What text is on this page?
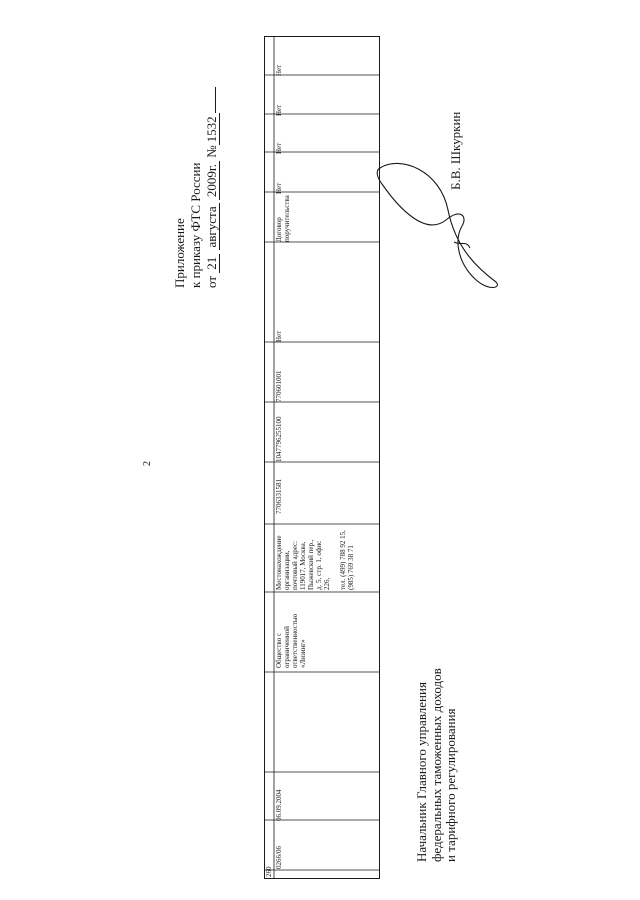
2
Приложение к приказу ФТС России от 21 августа 2009г. №1532
Нет
Нет
Нет
Нет
Договор поручительства
Нет
770601001
1047796255100
7706331581
Местонахождение организации, почтовый адрес: 119017, Москва, Пыжевский пер., д. 5, стр. 1, офис 226, тел. (499) 788 92 15, (985) 769 38 71
Общество с ограниченной ответственностью «Лизинг»
06.09.2004
0266/06
260
Б.В. Шкуркин
Начальник Главного управления федеральных таможенных доходов и тарифного регулирования
